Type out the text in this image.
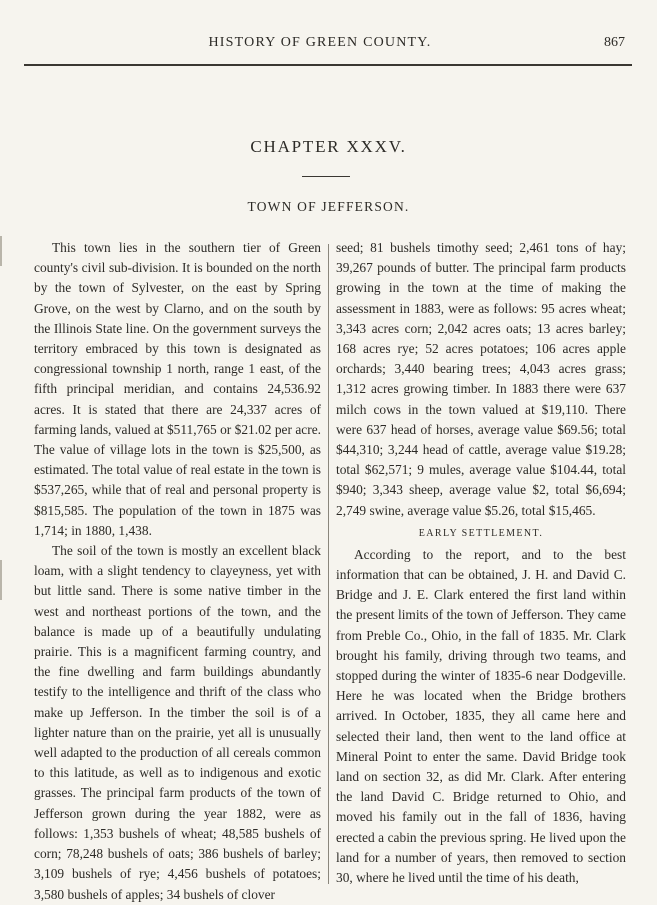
HISTORY OF GREEN COUNTY.	867
CHAPTER XXXV.
TOWN OF JEFFERSON.

This town lies in the southern tier of Green county's civil sub-division. It is bounded on the north by the town of Sylvester, on the east by Spring Grove, on the west by Clarno, and on the south by the Illinois State line. On the government surveys the territory embraced by this town is designated as congressional township 1 north, range 1 east, of the fifth principal meridian, and contains 24,536.92 acres. It is stated that there are 24,337 acres of farming lands, valued at $511,765 or $21.02 per acre. The value of village lots in the town is $25,500, as estimated. The total value of real estate in the town is $537,265, while that of real and personal property is $815,585. The population of the town in 1875 was 1,714; in 1880, 1,438.

The soil of the town is mostly an excellent black loam, with a slight tendency to clayeyness, yet with but little sand. There is some native timber in the west and northeast portions of the town, and the balance is made up of a beautifully undulating prairie. This is a magnificent farming country, and the fine dwelling and farm buildings abundantly testify to the intelligence and thrift of the class who make up Jefferson. In the timber the soil is of a lighter nature than on the prairie, yet all is unusually well adapted to the production of all cereals common to this latitude, as well as to indigenous and exotic grasses. The principal farm products of the town of Jefferson grown during the year 1882, were as follows: 1,353 bushels of wheat; 48,585 bushels of corn; 78,248 bushels of oats; 386 bushels of barley; 3,109 bushels of rye; 4,456 bushels of potatoes; 3,580 bushels of apples; 34 bushels of clover

seed; 81 bushels timothy seed; 2,461 tons of hay; 39,267 pounds of butter. The principal farm products growing in the town at the time of making the assessment in 1883, were as follows: 95 acres wheat; 3,343 acres corn; 2,042 acres oats; 13 acres barley; 168 acres rye; 52 acres potatoes; 106 acres apple orchards; 3,440 bearing trees; 4,043 acres grass; 1,312 acres growing timber. In 1883 there were 637 milch cows in the town valued at $19,110. There were 637 head of horses, average value $69.56; total $44,310; 3,244 head of cattle, average value $19.28; total $62,571; 9 mules, average value $104.44, total $940; 3,343 sheep, average value $2, total $6,694; 2,749 swine, average value $5.26, total $15,465.

EARLY SETTLEMENT.

According to the report, and to the best information that can be obtained, J. H. and David C. Bridge and J. E. Clark entered the first land within the present limits of the town of Jefferson. They came from Preble Co., Ohio, in the fall of 1835. Mr. Clark brought his family, driving through two teams, and stopped during the winter of 1835-6 near Dodgeville. Here he was located when the Bridge brothers arrived. In October, 1835, they all came here and selected their land, then went to the land office at Mineral Point to enter the same. David Bridge took land on section 32, as did Mr. Clark. After entering the land David C. Bridge returned to Ohio, and moved his family out in the fall of 1836, having erected a cabin the previous spring. He lived upon the land for a number of years, then removed to section 30, where he lived until the time of his death,
